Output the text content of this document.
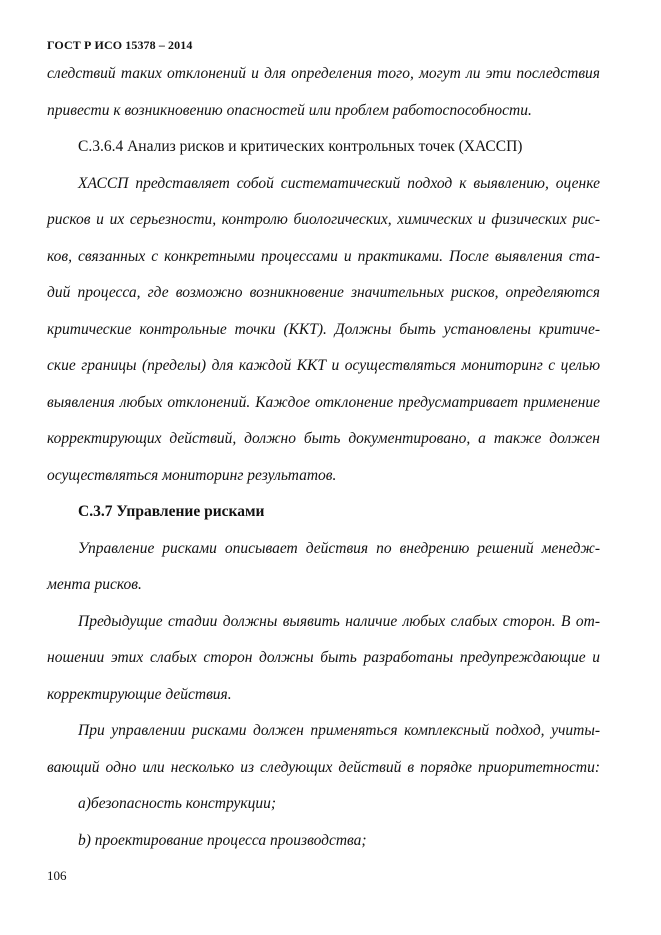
ГОСТ Р ИСО 15378 – 2014
следствий таких отклонений и для определения того, могут ли эти последствия
привести к возникновению опасностей или проблем работоспособности.
С.3.6.4 Анализ рисков и критических контрольных точек (ХАССП)
ХАССП представляет собой систематический подход к выявлению, оценке
рисков и их серьезности, контролю биологических, химических и физических рис-
ков, связанных с конкретными процессами и практиками. После выявления ста-
дий процесса, где возможно возникновение значительных рисков, определяются
критические контрольные точки (ККТ). Должны быть установлены критиче-
ские границы (пределы) для каждой ККТ и осуществляться мониторинг с целью
выявления любых отклонений. Каждое отклонение предусматривает применение
корректирующих действий, должно быть документировано, а также должен
осуществляться мониторинг результатов.
С.3.7 Управление рисками
Управление рисками описывает действия по внедрению решений менедж-
мента рисков.
Предыдущие стадии должны выявить наличие любых слабых сторон. В от-
ношении этих слабых сторон должны быть разработаны предупреждающие и
корректирующие действия.
При управлении рисками должен применяться комплексный подход, учиты-
вающий одно или несколько из следующих действий в порядке приоритетности:
a)безопасность конструкции;
b) проектирование процесса производства;
106
